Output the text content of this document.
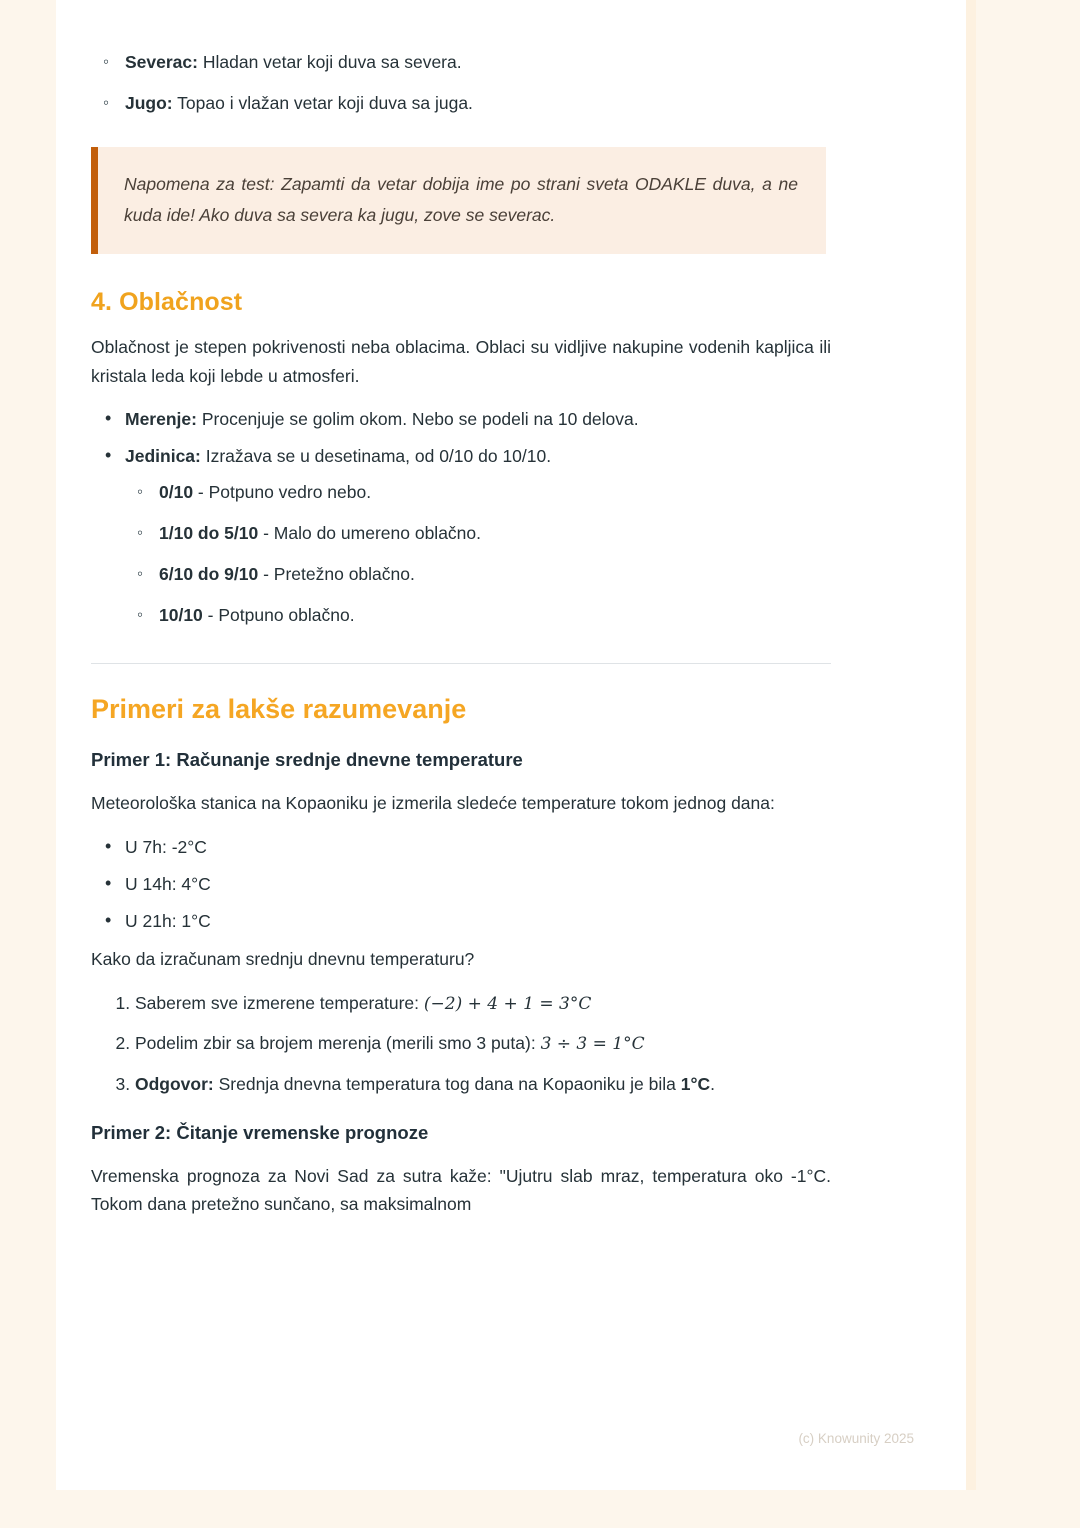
◦ Severac: Hladan vetar koji duva sa severa.
◦ Jugo: Topao i vlažan vetar koji duva sa juga.

Napomena za test: Zapamti da vetar dobija ime po strani sveta ODAKLE duva, a ne kuda ide! Ako duva sa severa ka jugu, zove se severac.

4. Oblačnost

Oblačnost je stepen pokrivenosti neba oblacima. Oblaci su vidljive nakupine vodenih kapljica ili kristala leda koji lebde u atmosferi.

• Merenje: Procenjuje se golim okom. Nebo se podeli na 10 delova.
• Jedinica: Izražava se u desetinama, od 0/10 do 10/10.
◦ 0/10 - Potpuno vedro nebo.
◦ 1/10 do 5/10 - Malo do umereno oblačno.
◦ 6/10 do 9/10 - Pretežno oblačno.
◦ 10/10 - Potpuno oblačno.
Primeri za lakše razumevanje
Primer 1: Računanje srednje dnevne temperature

Meteorološka stanica na Kopaoniku je izmerila sledeće temperature tokom jednog dana:

• U 7h: -2°C
• U 14h: 4°C
• U 21h: 1°C

Kako da izračunam srednju dnevnu temperaturu?

1. Saberem sve izmerene temperature: (−2) + 4 + 1 = 3°C
2. Podelim zbir sa brojem merenja (merili smo 3 puta): 3 ÷ 3 = 1°C
3. Odgovor: Srednja dnevna temperatura tog dana na Kopaoniku je bila 1°C.
Primer 2: Čitanje vremenske prognoze

Vremenska prognoza za Novi Sad za sutra kaže: "Ujutru slab mraz, temperatura oko -1°C. Tokom dana pretežno sunčano, sa maksimalnom

(c) Knowunity 2025
